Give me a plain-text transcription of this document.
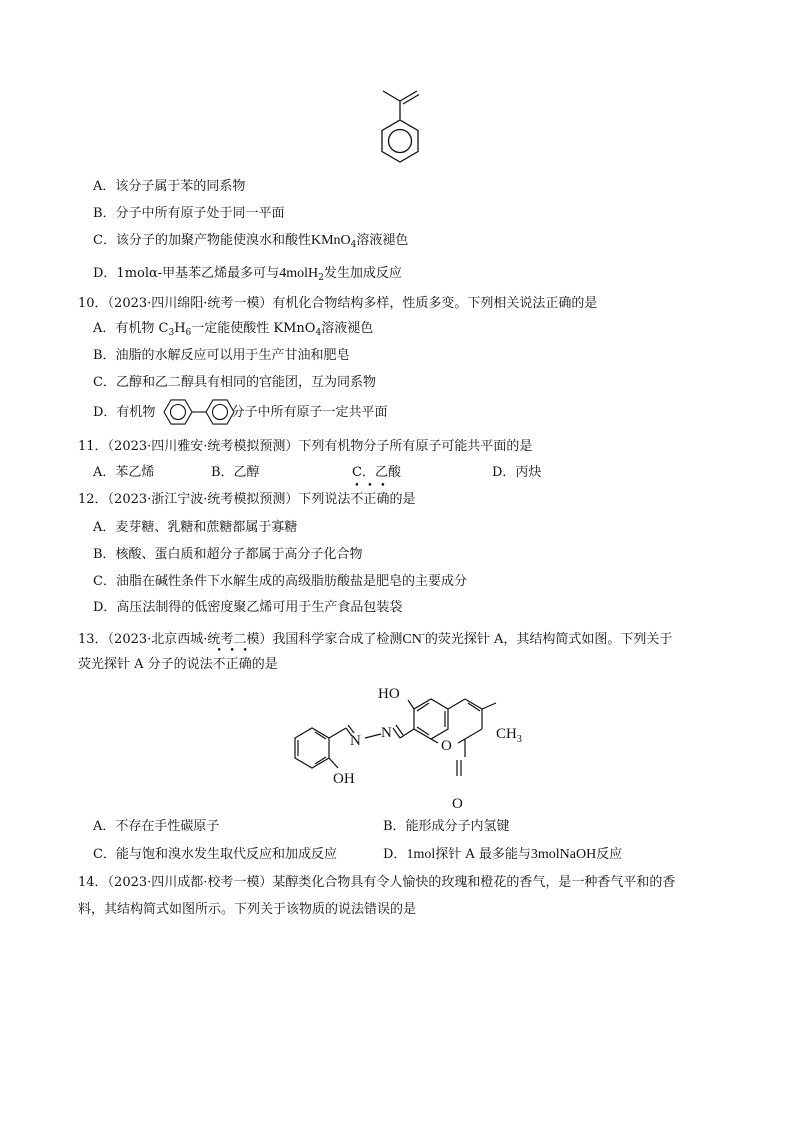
A．该分子属于苯的同系物
B．分子中所有原子处于同一平面
C．该分子的加聚产物能使溴水和酸性KMnO$_4$溶液褪色
D．1molα-甲基苯乙烯最多可与4molH$_2$发生加成反应
10．（2023·四川绵阳·统考一模）有机化合物结构多样，性质多变。下列相关说法正确的是
A．有机物 $C_3H_6$一定能使酸性 KMnO$_4$溶液褪色
B．油脂的水解反应可以用于生产甘油和肥皂
C．乙醇和乙二醇具有相同的官能团，互为同系物
D．有机物	分子中所有原子一定共平面
11．（2023·四川雅安·统考模拟预测）下列有机物分子所有原子可能共平面的是
A．苯乙烯	B．乙醇	C．乙酸	D．丙炔
12．（2023·浙江宁波·统考模拟预测）下列说法不正确的是
A．麦芽糖、乳糖和蔗糖都属于寡糖
B．核酸、蛋白质和超分子都属于高分子化合物
C．油脂在碱性条件下水解生成的高级脂肪酸盐是肥皂的主要成分
D．高压法制得的低密度聚乙烯可用于生产食品包装袋
13．（2023·北京西城·统考二模）我国科学家合成了检测CN-的荧光探针 A，其结构简式如图。下列关于
荧光探针 A 分子的说法不正确的是
HO
N N	$CH_3$
OH
O
O
A．不存在手性碳原子	B．能形成分子内氢键
C．能与饱和溴水发生取代反应和加成反应	D．1mol探针 A 最多能与3molNaOH反应
14．（2023·四川成都·校考一模）某醇类化合物具有令人愉快的玫瑰和橙花的香气，是一种香气平和的香
料，其结构简式如图所示。下列关于该物质的说法错误的是
